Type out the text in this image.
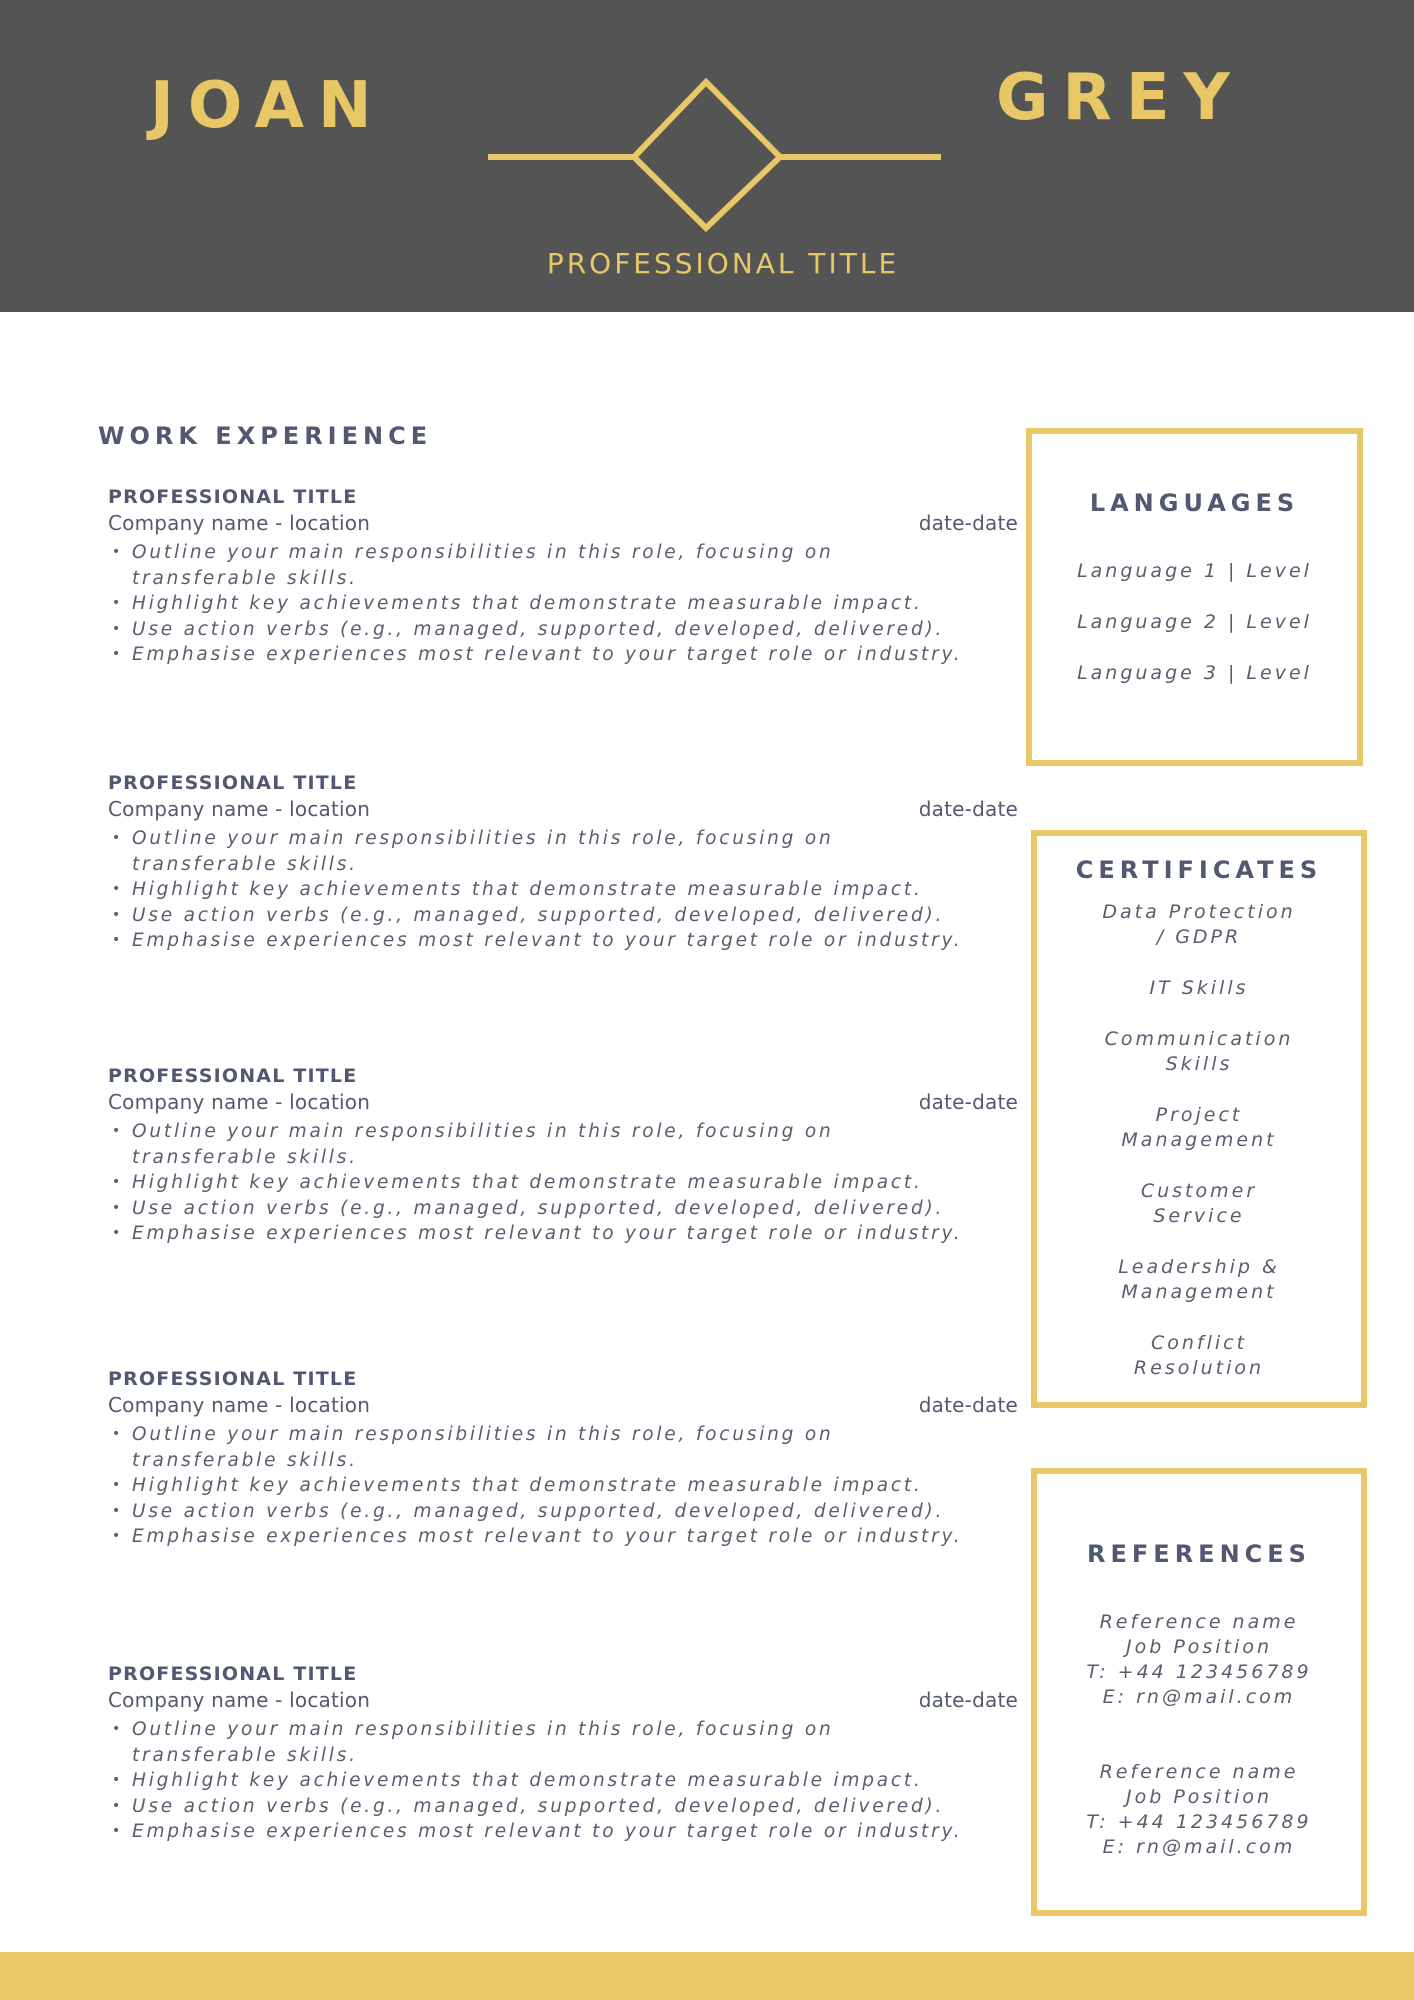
JOAN	GREY
PROFESSIONAL TITLE
WORK EXPERIENCE
PROFESSIONAL TITLE
Company name - location	date-date
• Outline your main responsibilities in this role, focusing on transferable skills.
• Highlight key achievements that demonstrate measurable impact.
• Use action verbs (e.g., managed, supported, developed, delivered).
• Emphasise experiences most relevant to your target role or industry.
PROFESSIONAL TITLE
Company name - location	date-date
• Outline your main responsibilities in this role, focusing on transferable skills.
• Highlight key achievements that demonstrate measurable impact.
• Use action verbs (e.g., managed, supported, developed, delivered).
• Emphasise experiences most relevant to your target role or industry.
PROFESSIONAL TITLE
Company name - location	date-date
• Outline your main responsibilities in this role, focusing on transferable skills.
• Highlight key achievements that demonstrate measurable impact.
• Use action verbs (e.g., managed, supported, developed, delivered).
• Emphasise experiences most relevant to your target role or industry.
PROFESSIONAL TITLE
Company name - location	date-date
• Outline your main responsibilities in this role, focusing on transferable skills.
• Highlight key achievements that demonstrate measurable impact.
• Use action verbs (e.g., managed, supported, developed, delivered).
• Emphasise experiences most relevant to your target role or industry.
PROFESSIONAL TITLE
Company name - location	date-date
• Outline your main responsibilities in this role, focusing on transferable skills.
• Highlight key achievements that demonstrate measurable impact.
• Use action verbs (e.g., managed, supported, developed, delivered).
• Emphasise experiences most relevant to your target role or industry.
LANGUAGES
Language 1 | Level
Language 2 | Level
Language 3 | Level
CERTIFICATES
Data Protection
/ GDPR
IT Skills
Communication
Skills
Project
Management
Customer
Service
Leadership &
Management
Conflict
Resolution
REFERENCES
Reference name
Job Position
T: +44 123456789
E: rn@mail.com
Reference name
Job Position
T: +44 123456789
E: rn@mail.com
